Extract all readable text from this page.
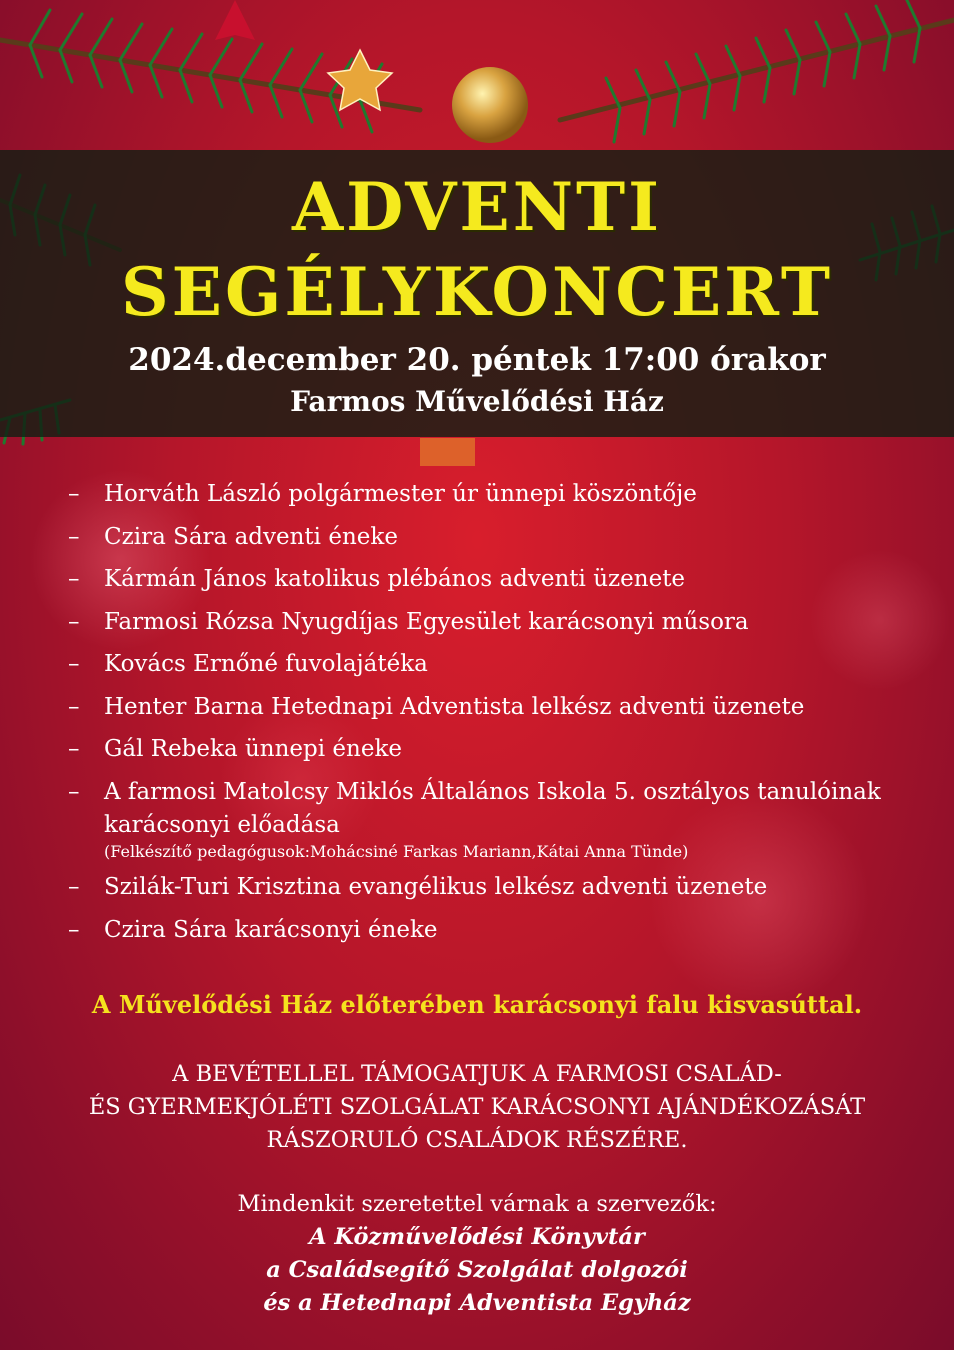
ADVENTI
SEGÉLYKONCERT
2024.december 20. péntek 17:00 órakor
Farmos Művelődési Ház
– Horváth László polgármester úr ünnepi köszöntője
– Czira Sára adventi éneke
– Kármán János katolikus plébános adventi üzenete
– Farmosi Rózsa Nyugdíjas Egyesület karácsonyi műsora
– Kovács Ernőné fuvolajátéka
– Henter Barna Hetednapi Adventista lelkész adventi üzenete
– Gál Rebeka ünnepi éneke
– A farmosi Matolcsy Miklós Általános Iskola 5. osztályos tanulóinak karácsonyi előadása
(Felkészítő pedagógusok:Mohácsiné Farkas Mariann,Kátai Anna Tünde)
– Szilák-Turi Krisztina evangélikus lelkész adventi üzenete
– Czira Sára karácsonyi éneke
A Művelődési Ház előterében karácsonyi falu kisvasúttal.
A BEVÉTELLEL TÁMOGATJUK A FARMOSI CSALÁD-
ÉS GYERMEKJÓLÉTI SZOLGÁLAT KARÁCSONYI AJÁNDÉKOZÁSÁT
RÁSZORULÓ CSALÁDOK RÉSZÉRE.
Mindenkit szeretettel várnak a szervezők:
A Közművelődési Könyvtár
a Családsegítő Szolgálat dolgozói
és a Hetednapi Adventista Egyház
